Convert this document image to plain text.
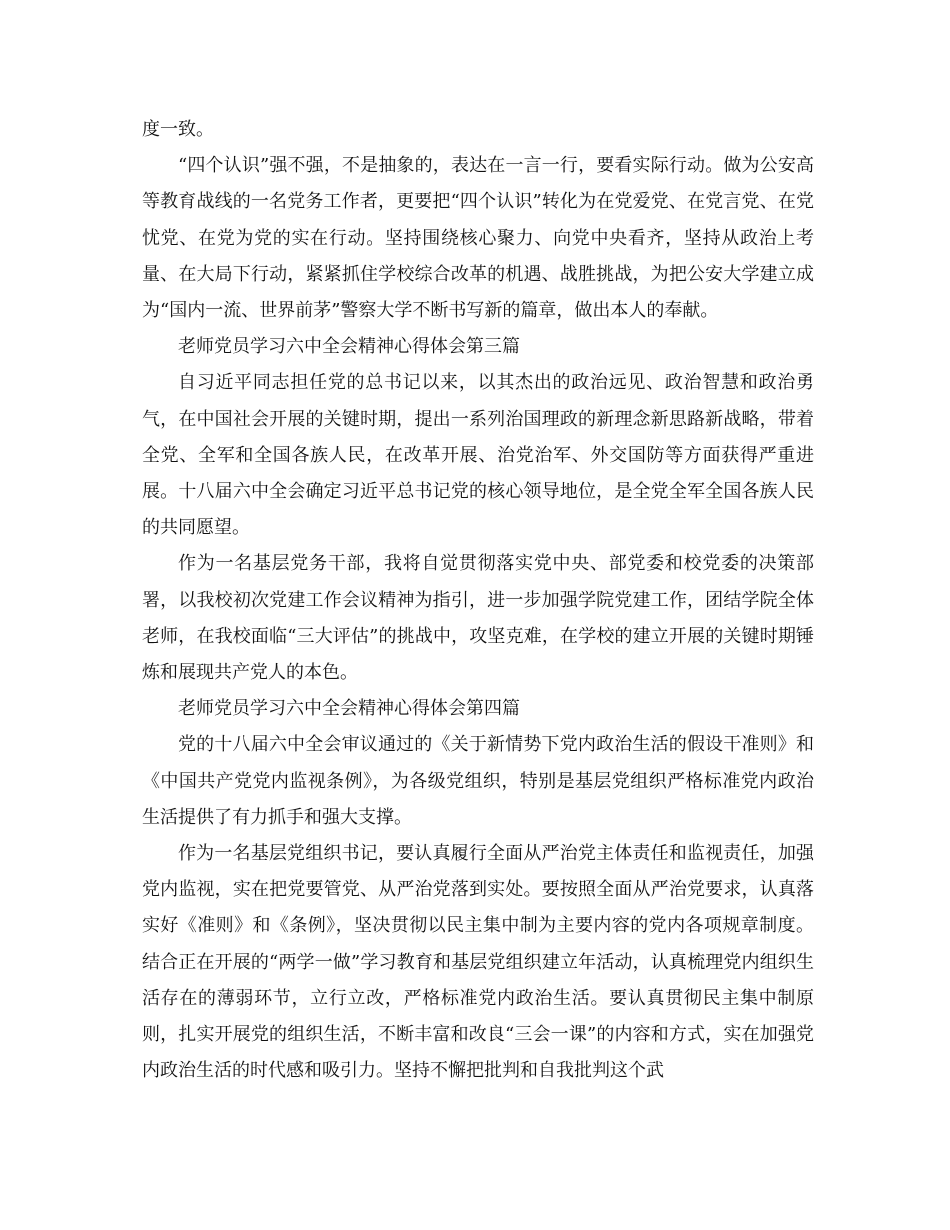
度一致。

“四个认识”强不强，不是抽象的，表达在一言一行，要看实际行动。做为公安高等教育战线的一名党务工作者，更要把“四个认识”转化为在党爱党、在党言党、在党忧党、在党为党的实在行动。坚持围绕核心聚力、向党中央看齐，坚持从政治上考量、在大局下行动，紧紧抓住学校综合改革的机遇、战胜挑战，为把公安大学建立成为“国内一流、世界前茅”警察大学不断书写新的篇章，做出本人的奉献。

老师党员学习六中全会精神心得体会第三篇

自习近平同志担任党的总书记以来，以其杰出的政治远见、政治智慧和政治勇气，在中国社会开展的关键时期，提出一系列治国理政的新理念新思路新战略，带着全党、全军和全国各族人民，在改革开展、治党治军、外交国防等方面获得严重进展。十八届六中全会确定习近平总书记党的核心领导地位，是全党全军全国各族人民的共同愿望。

作为一名基层党务干部，我将自觉贯彻落实党中央、部党委和校党委的决策部署，以我校初次党建工作会议精神为指引，进一步加强学院党建工作，团结学院全体老师，在我校面临“三大评估”的挑战中，攻坚克难，在学校的建立开展的关键时期锤炼和展现共产党人的本色。

老师党员学习六中全会精神心得体会第四篇

党的十八届六中全会审议通过的《关于新情势下党内政治生活的假设干准则》和《中国共产党党内监视条例》，为各级党组织，特别是基层党组织严格标准党内政治生活提供了有力抓手和强大支撑。

作为一名基层党组织书记，要认真履行全面从严治党主体责任和监视责任，加强党内监视，实在把党要管党、从严治党落到实处。要按照全面从严治党要求，认真落实好《准则》和《条例》，坚决贯彻以民主集中制为主要内容的党内各项规章制度。结合正在开展的“两学一做”学习教育和基层党组织建立年活动，认真梳理党内组织生活存在的薄弱环节，立行立改，严格标准党内政治生活。要认真贯彻民主集中制原则，扎实开展党的组织生活，不断丰富和改良“三会一课”的内容和方式，实在加强党内政治生活的时代感和吸引力。坚持不懈把批判和自我批判这个武
